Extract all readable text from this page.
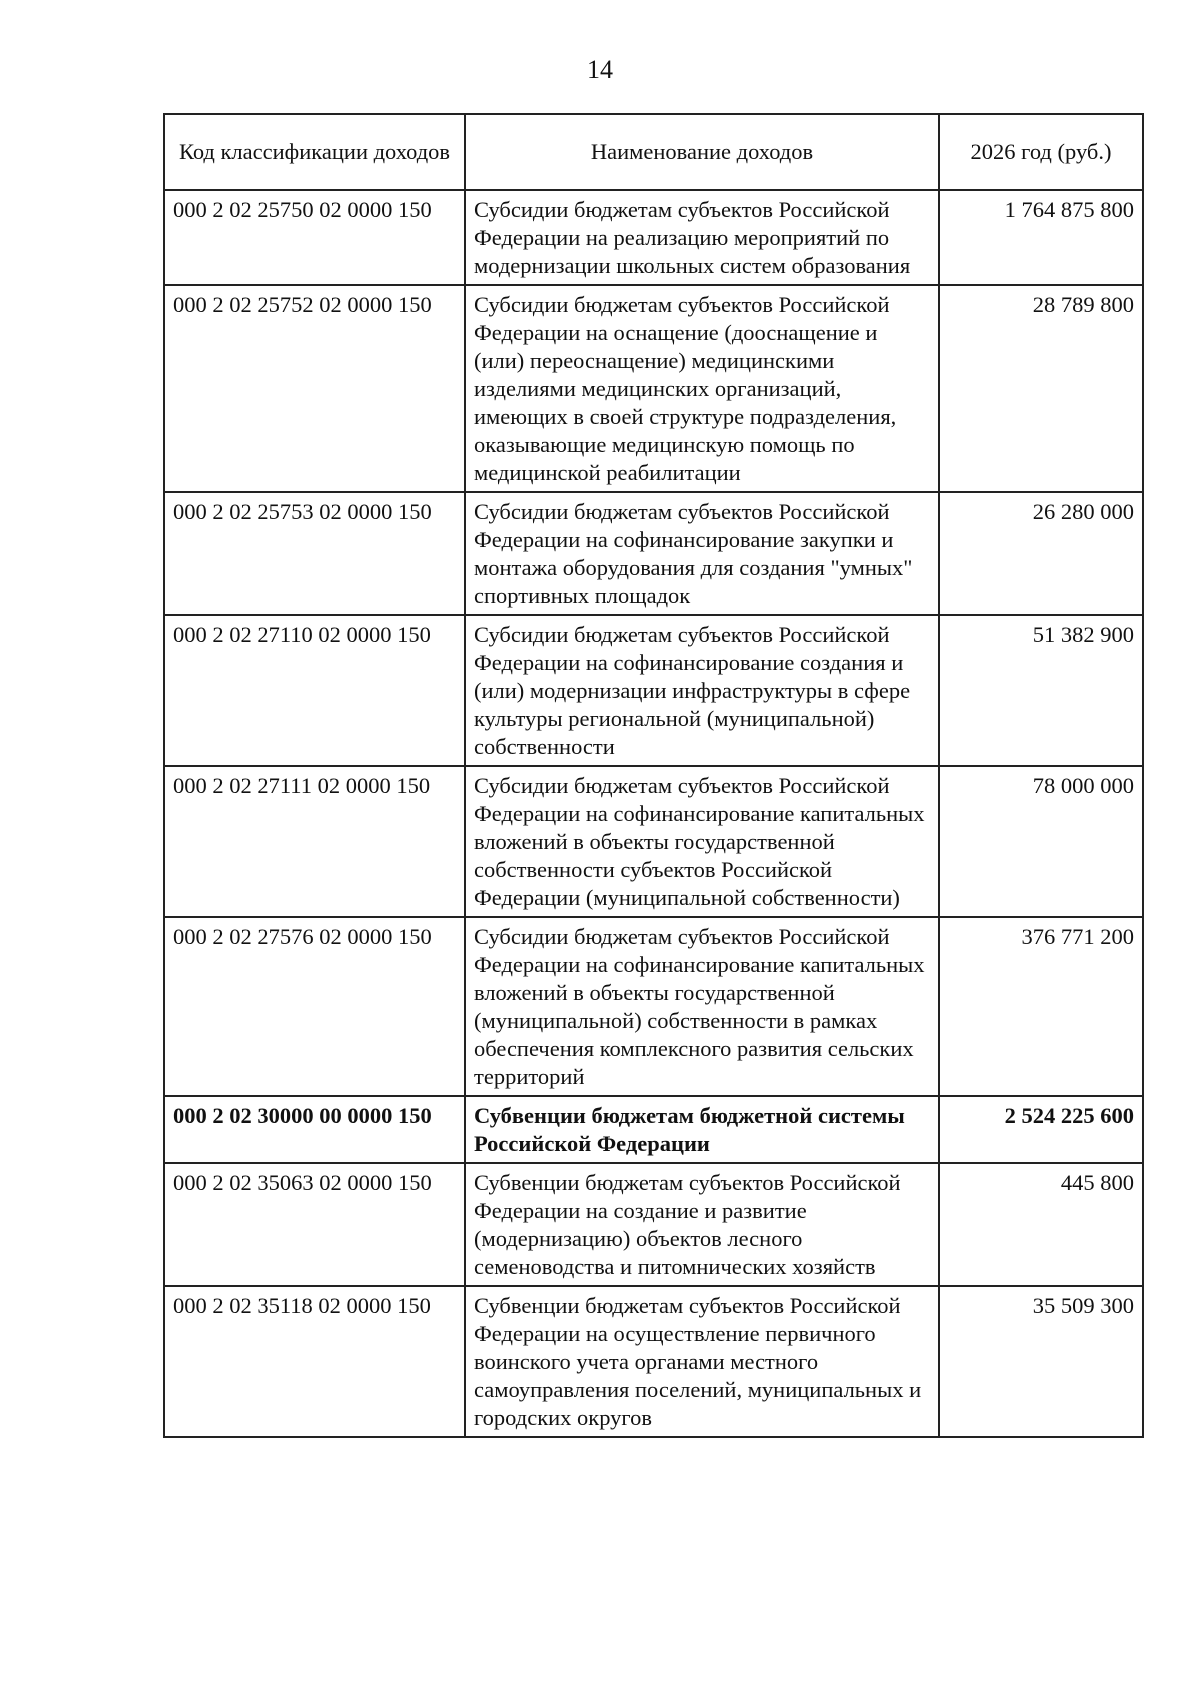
14
Код классификации доходов	Наименование доходов	2026 год (руб.)
000 2 02 25750 02 0000 150	Субсидии бюджетам субъектов Российской Федерации на реализацию мероприятий по модернизации школьных систем образования	1 764 875 800
000 2 02 25752 02 0000 150	Субсидии бюджетам субъектов Российской Федерации на оснащение (дооснащение и (или) переоснащение) медицинскими изделиями медицинских организаций, имеющих в своей структуре подразделения, оказывающие медицинскую помощь по медицинской реабилитации	28 789 800
000 2 02 25753 02 0000 150	Субсидии бюджетам субъектов Российской Федерации на софинансирование закупки и монтажа оборудования для создания "умных" спортивных площадок	26 280 000
000 2 02 27110 02 0000 150	Субсидии бюджетам субъектов Российской Федерации на софинансирование создания и (или) модернизации инфраструктуры в сфере культуры региональной (муниципальной) собственности	51 382 900
000 2 02 27111 02 0000 150	Субсидии бюджетам субъектов Российской Федерации на софинансирование капитальных вложений в объекты государственной собственности субъектов Российской Федерации (муниципальной собственности)	78 000 000
000 2 02 27576 02 0000 150	Субсидии бюджетам субъектов Российской Федерации на софинансирование капитальных вложений в объекты государственной (муниципальной) собственности в рамках обеспечения комплексного развития сельских территорий	376 771 200
000 2 02 30000 00 0000 150	Субвенции бюджетам бюджетной системы Российской Федерации	2 524 225 600
000 2 02 35063 02 0000 150	Субвенции бюджетам субъектов Российской Федерации на создание и развитие (модернизацию) объектов лесного семеноводства и питомнических хозяйств	445 800
000 2 02 35118 02 0000 150	Субвенции бюджетам субъектов Российской Федерации на осуществление первичного воинского учета органами местного самоуправления поселений, муниципальных и городских округов	35 509 300
